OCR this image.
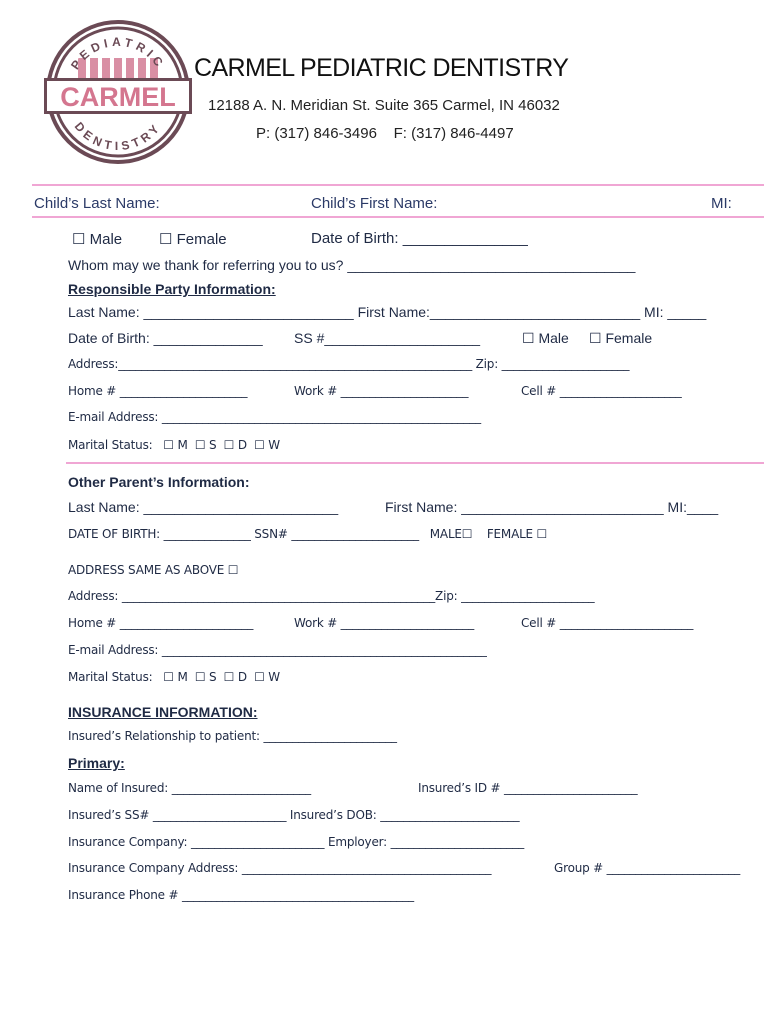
CARMEL
PEDIATRIC
DENTISTRY
CARMEL PEDIATRIC DENTISTRY
12188 A. N. Meridian St. Suite 365 Carmel, IN 46032
P: (317) 846-3496    F: (317) 846-4497
Child’s Last Name:	Child’s First Name:	MI:
☐ Male ☐ Female	Date of Birth: _______________
Whom may we thank for referring you to us? _____________________________________
Responsible Party Information:
Last Name: ___________________________ First Name:___________________________ MI: _____
Date of Birth: ______________ SS #____________________	☐ Male ☐ Female
Address:_____________________________________________________________ Zip: ______________________
Home # ______________________	Work # ______________________	Cell # _____________________
E-mail Address: _______________________________________________________
Marital Status:   ☐ M  ☐ S  ☐ D  ☐ W
Other Parent’s Information:
Last Name: _________________________	First Name: __________________________ MI:____
DATE OF BIRTH: _______________ SSN# ______________________   MALE☐    FEMALE ☐
ADDRESS SAME AS ABOVE ☐
Address: ______________________________________________________Zip: _______________________
Home # _______________________	Work # _______________________	Cell # _______________________
E-mail Address: ________________________________________________________
Marital Status:   ☐ M  ☐ S  ☐ D  ☐ W
INSURANCE INFORMATION:
Insured’s Relationship to patient: _______________________
Primary:
Name of Insured: ________________________	Insured’s ID # _______________________
Insured’s SS# _______________________ Insured’s DOB: ________________________
Insurance Company: _______________________ Employer: _______________________
Insurance Company Address: ___________________________________________	Group # _______________________
Insurance Phone # ________________________________________
